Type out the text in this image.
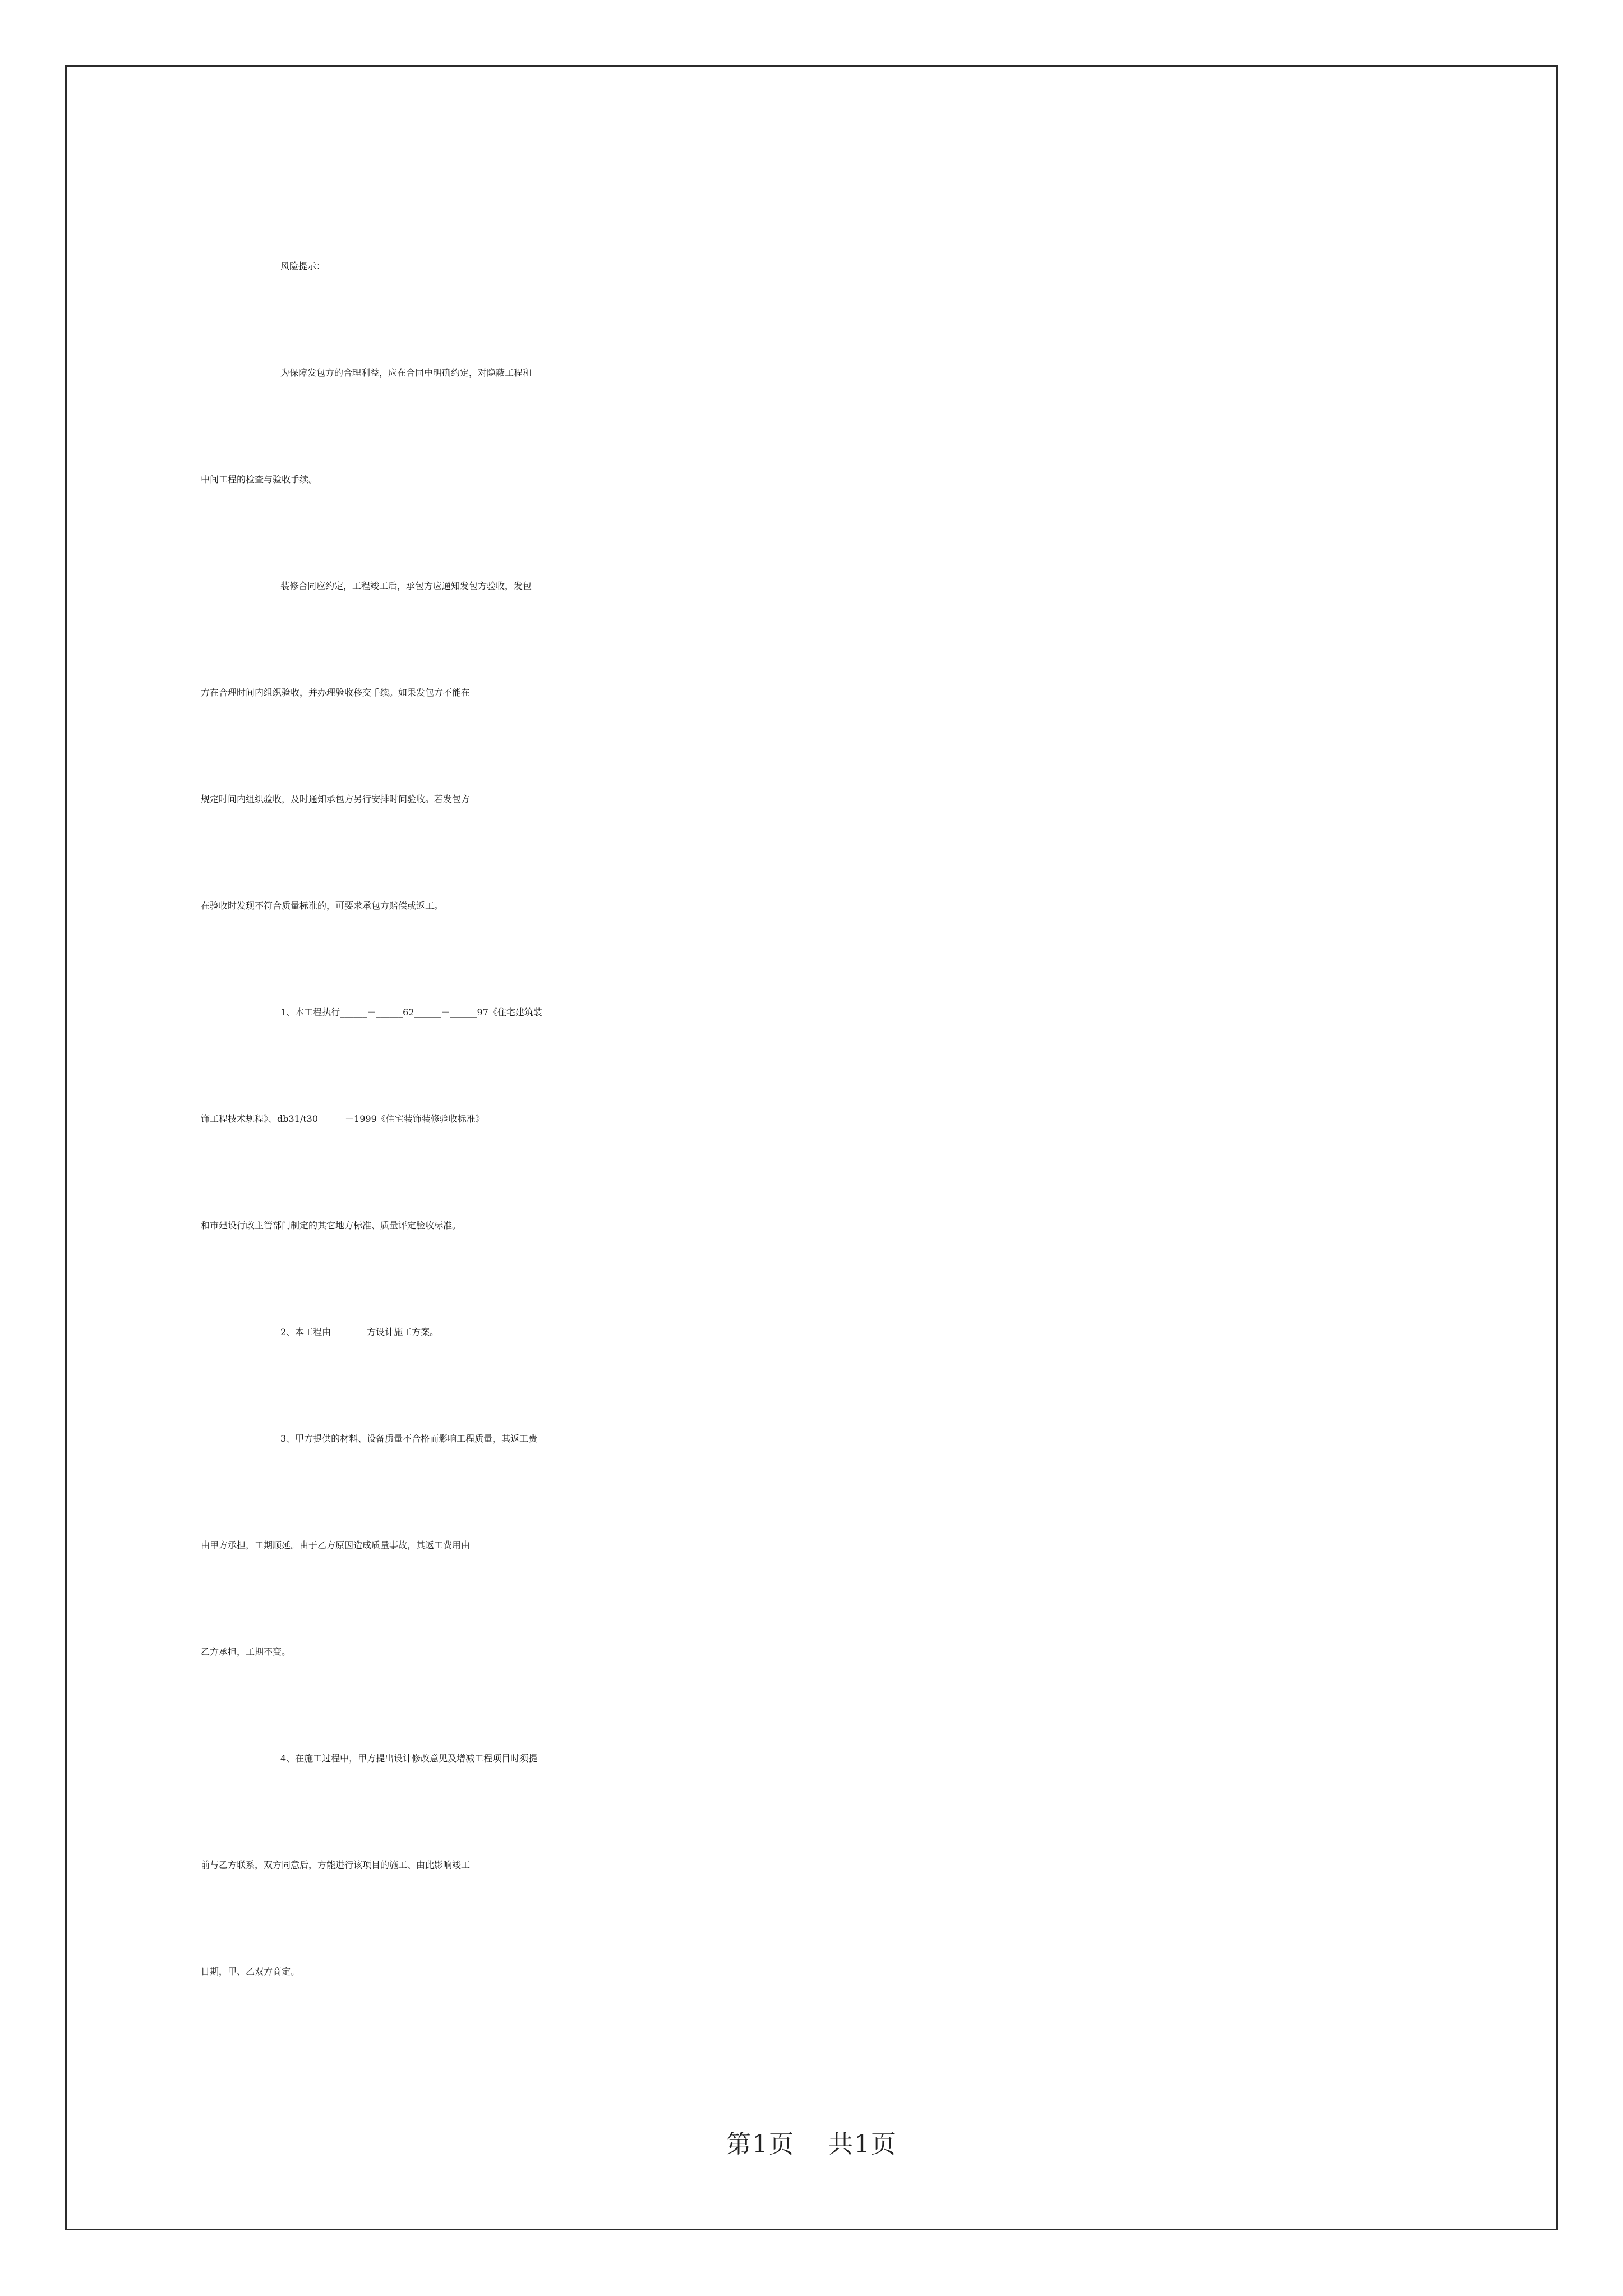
风险提示：
为保障发包方的合理利益，应在合同中明确约定，对隐蔽工程和
中间工程的检查与验收手续。
装修合同应约定，工程竣工后，承包方应通知发包方验收，发包
方在合理时间内组织验收，并办理验收移交手续。如果发包方不能在
规定时间内组织验收，及时通知承包方另行安排时间验收。若发包方
在验收时发现不符合质量标准的，可要求承包方赔偿或返工。
1、本工程执行______－______62______－______97《住宅建筑装
饰工程技术规程》、db31/t30______－1999《住宅装饰装修验收标准》
和市建设行政主管部门制定的其它地方标准、质量评定验收标准。
2、本工程由________方设计施工方案。
3、甲方提供的材料、设备质量不合格而影响工程质量，其返工费
由甲方承担，工期顺延。由于乙方原因造成质量事故，其返工费用由
乙方承担，工期不变。
4、在施工过程中，甲方提出设计修改意见及增减工程项目时须提
前与乙方联系，双方同意后，方能进行该项目的施工、由此影响竣工
日期，甲、乙双方商定。
第1页 共1页
